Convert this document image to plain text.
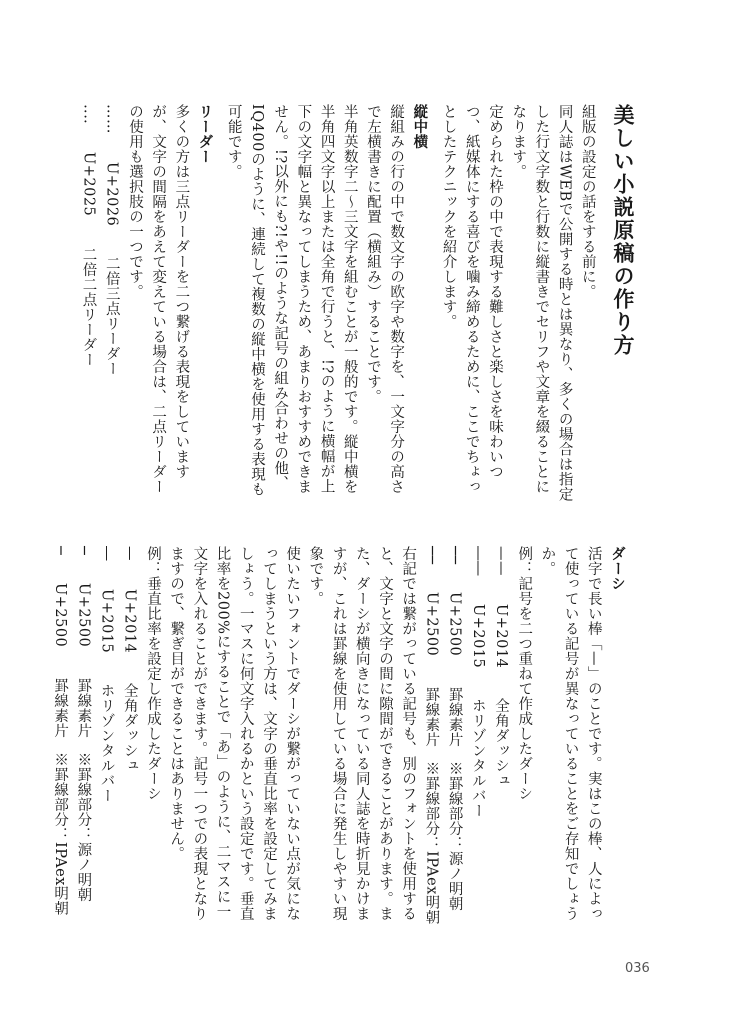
美しい小説原稿の作り方

組版の設定の話をする前に。

同人誌はWEBで公開する時とは異なり、多くの場合は指定した行文字数と行数に縦書きでセリフや文章を綴ることになります。

定められた枠の中で表現する難しさと楽しさを味わいつつ、紙媒体にする喜びを噛み締めるために、ここでちょっとしたテクニックを紹介します。

縦中横

縦組みの行の中で数文字の欧字や数字を、一文字分の高さで左横書きに配置（横組み）することです。

半角英数字二〜三文字を組むことが一般的です。縦中横を半角四文字以上または全角で行うと、!?のように横幅が上下の文字幅と異なってしまうため、あまりおすすめできません。!?以外にも?!や!!のような記号の組み合わせの他、IQ400のように、連続して複数の縦中横を使用する表現も可能です。

リーダー

多くの方は三点リーダーを二つ繋げる表現をしていますが、文字の間隔をあえて変えている場合は、二点リーダーの使用も選択肢の一つです。

……U+2026二倍三点リーダー

‥‥U+2025二倍二点リーダー

ダーシ

活字で長い棒「—」のことです。実はこの棒、人によって使っている記号が異なっていることをご存知でしょうか。

例：記号を二つ重ねて作成したダーシ

——U+2014全角ダッシュ

――U+2015ホリゾンタルバー

──U+2500罫線素片※罫線部分：源ノ明朝

──U+2500罫線素片※罫線部分：IPAex明朝

右記では繋がっている記号も、別のフォントを使用すると、文字と文字の間に隙間ができることがあります。また、ダーシが横向きになっている同人誌を時折見かけますが、これは罫線を使用している場合に発生しやすい現象です。

使いたいフォントでダーシが繋がっていない点が気になってしまうという方は、文字の垂直比率を設定してみましょう。一マスに何文字入れるかという設定です。垂直比率を200%にすることで「あ」のように、二マスに一文字を入れることができます。記号一つでの表現となりますので、繋ぎ目ができることはありません。

例：垂直比率を設定し作成したダーシ

—U+2014全角ダッシュ

―U+2015ホリゾンタルバー

─U+2500罫線素片※罫線部分：源ノ明朝

─U+2500罫線素片※罫線部分：IPAex明朝

036
